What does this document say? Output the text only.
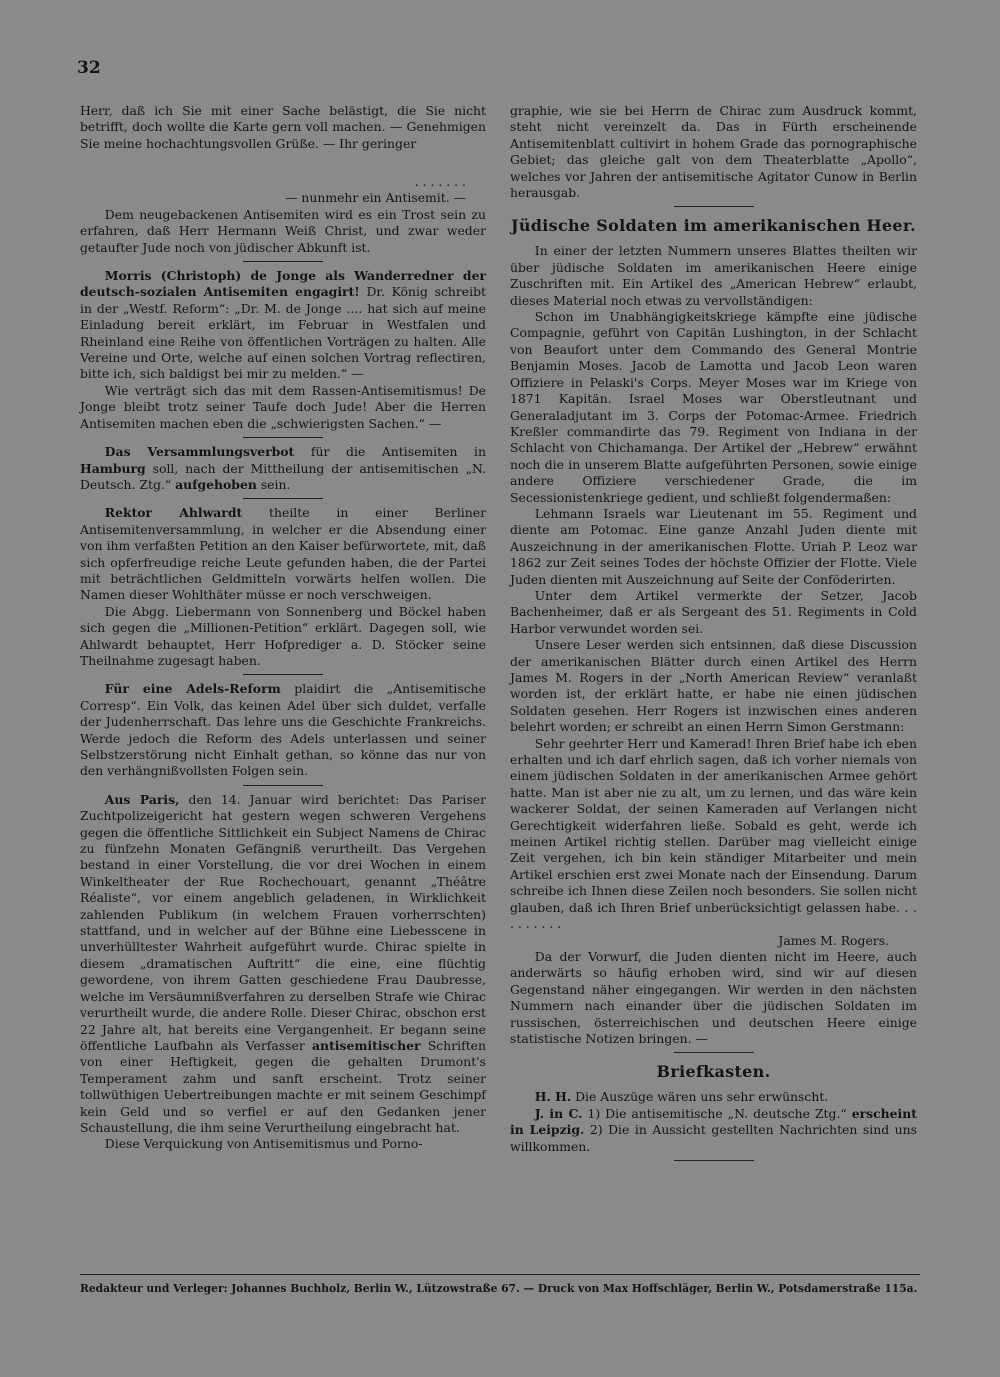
32

Herr, daß ich Sie mit einer Sache belästigt, die Sie nicht betrifft, doch wollte die Karte gern voll machen. — Genehmigen Sie meine hochachtungsvollen Grüße. — Ihr geringer

. . . . . . .

— nunmehr ein Antisemit. —

Dem neugebackenen Antisemiten wird es ein Trost sein zu erfahren, daß Herr Hermann Weiß Christ, und zwar weder getaufter Jude noch von jüdischer Abkunft ist.

Morris (Christoph) de Jonge als Wanderredner der deutsch-sozialen Antisemiten engagirt! Dr. König schreibt in der „Westf. Reform“: „Dr. M. de Jonge .... hat sich auf meine Einladung bereit erklärt, im Februar in Westfalen und Rheinland eine Reihe von öffentlichen Vorträgen zu halten. Alle Vereine und Orte, welche auf einen solchen Vortrag reflectiren, bitte ich, sich baldigst bei mir zu melden.“ —

Wie verträgt sich das mit dem Rassen-Antisemitismus! De Jonge bleibt trotz seiner Taufe doch Jude! Aber die Herren Antisemiten machen eben die „schwierigsten Sachen.“ —

Das Versammlungsverbot für die Antisemiten in Hamburg soll, nach der Mittheilung der antisemitischen „N. Deutsch. Ztg.“ aufgehoben sein.

Rektor Ahlwardt theilte in einer Berliner Antisemitenversammlung, in welcher er die Absendung einer von ihm verfaßten Petition an den Kaiser befürwortete, mit, daß sich opferfreudige reiche Leute gefunden haben, die der Partei mit beträchtlichen Geldmitteln vorwärts helfen wollen. Die Namen dieser Wohlthäter müsse er noch verschweigen.

Die Abgg. Liebermann von Sonnenberg und Böckel haben sich gegen die „Millionen-Petition“ erklärt. Dagegen soll, wie Ahlwardt behauptet, Herr Hofprediger a. D. Stöcker seine Theilnahme zugesagt haben.

Für eine Adels-Reform plaidirt die „Antisemitische Corresp“. Ein Volk, das keinen Adel über sich duldet, verfalle der Judenherrschaft. Das lehre uns die Geschichte Frankreichs. Werde jedoch die Reform des Adels unterlassen und seiner Selbstzerstörung nicht Einhalt gethan, so könne das nur von den verhängnißvollsten Folgen sein.

Aus Paris, den 14. Januar wird berichtet: Das Pariser Zuchtpolizeigericht hat gestern wegen schweren Vergehens gegen die öffentliche Sittlichkeit ein Subject Namens de Chirac zu fünfzehn Monaten Gefängniß verurtheilt. Das Vergehen bestand in einer Vorstellung, die vor drei Wochen in einem Winkeltheater der Rue Rochechouart, genannt „Théâtre Réaliste“, vor einem angeblich geladenen, in Wirklichkeit zahlenden Publikum (in welchem Frauen vorherrschten) stattfand, und in welcher auf der Bühne eine Liebesscene in unverhülltester Wahrheit aufgeführt wurde. Chirac spielte in diesem „dramatischen Auftritt“ die eine, eine flüchtig gewordene, von ihrem Gatten geschiedene Frau Daubresse, welche im Versäumnißverfahren zu derselben Strafe wie Chirac verurtheilt wurde, die andere Rolle. Dieser Chirac, obschon erst 22 Jahre alt, hat bereits eine Vergangenheit. Er begann seine öffentliche Laufbahn als Verfasser antisemitischer Schriften von einer Heftigkeit, gegen die gehalten Drumont's Temperament zahm und sanft erscheint. Trotz seiner tollwüthigen Uebertreibungen machte er mit seinem Geschimpf kein Geld und so verfiel er auf den Gedanken jener Schaustellung, die ihm seine Verurtheilung eingebracht hat.

Diese Verquickung von Antisemitismus und Porno-

graphie, wie sie bei Herrn de Chirac zum Ausdruck kommt, steht nicht vereinzelt da. Das in Fürth erscheinende Antisemitenblatt cultivirt in hohem Grade das pornographische Gebiet; das gleiche galt von dem Theaterblatte „Apollo“, welches vor Jahren der antisemitische Agitator Cunow in Berlin herausgab.

Jüdische Soldaten im amerikanischen Heer.

In einer der letzten Nummern unseres Blattes theilten wir über jüdische Soldaten im amerikanischen Heere einige Zuschriften mit. Ein Artikel des „American Hebrew“ erlaubt, dieses Material noch etwas zu vervollständigen:

Schon im Unabhängigkeitskriege kämpfte eine jüdische Compagnie, geführt von Capitän Lushington, in der Schlacht von Beaufort unter dem Commando des General Montrie Benjamin Moses. Jacob de Lamotta und Jacob Leon waren Offiziere in Pelaski's Corps. Meyer Moses war im Kriege von 1871 Kapitän. Israel Moses war Oberstleutnant und Generaladjutant im 3. Corps der Potomac-Armee. Friedrich Kreßler commandirte das 79. Regiment von Indiana in der Schlacht von Chichamanga. Der Artikel der „Hebrew“ erwähnt noch die in unserem Blatte aufgeführten Personen, sowie einige andere Offiziere verschiedener Grade, die im Secessionistenkriege gedient, und schließt folgendermaßen:

Lehmann Israels war Lieutenant im 55. Regiment und diente am Potomac. Eine ganze Anzahl Juden diente mit Auszeichnung in der amerikanischen Flotte. Uriah P. Leoz war 1862 zur Zeit seines Todes der höchste Offizier der Flotte. Viele Juden dienten mit Auszeichnung auf Seite der Conföderirten.

Unter dem Artikel vermerkte der Setzer, Jacob Bachenheimer, daß er als Sergeant des 51. Regiments in Cold Harbor verwundet worden sei.

Unsere Leser werden sich entsinnen, daß diese Discussion der amerikanischen Blätter durch einen Artikel des Herrn James M. Rogers in der „North American Review“ veranlaßt worden ist, der erklärt hatte, er habe nie einen jüdischen Soldaten gesehen. Herr Rogers ist inzwischen eines anderen belehrt worden; er schreibt an einen Herrn Simon Gerstmann:

Sehr geehrter Herr und Kamerad! Ihren Brief habe ich eben erhalten und ich darf ehrlich sagen, daß ich vorher niemals von einem jüdischen Soldaten in der amerikanischen Armee gehört hatte. Man ist aber nie zu alt, um zu lernen, und das wäre kein wackerer Soldat, der seinen Kameraden auf Verlangen nicht Gerechtigkeit widerfahren ließe. Sobald es geht, werde ich meinen Artikel richtig stellen. Darüber mag vielleicht einige Zeit vergehen, ich bin kein ständiger Mitarbeiter und mein Artikel erschien erst zwei Monate nach der Einsendung. Darum schreibe ich Ihnen diese Zeilen noch besonders. Sie sollen nicht glauben, daß ich Ihren Brief unberücksichtigt gelassen habe. . . . . . . . . .

James M. Rogers.

Da der Vorwurf, die Juden dienten nicht im Heere, auch anderwärts so häufig erhoben wird, sind wir auf diesen Gegenstand näher eingegangen. Wir werden in den nächsten Nummern nach einander über die jüdischen Soldaten im russischen, österreichischen und deutschen Heere einige statistische Notizen bringen. —

Briefkasten.

H. H. Die Auszüge wären uns sehr erwünscht.

J. in C. 1) Die antisemitische „N. deutsche Ztg.“ erscheint in Leipzig. 2) Die in Aussicht gestellten Nachrichten sind uns willkommen.

Redakteur und Verleger: Johannes Buchholz, Berlin W., Lützowstraße 67. — Druck von Max Hoffschläger, Berlin W., Potsdamerstraße 115a.
